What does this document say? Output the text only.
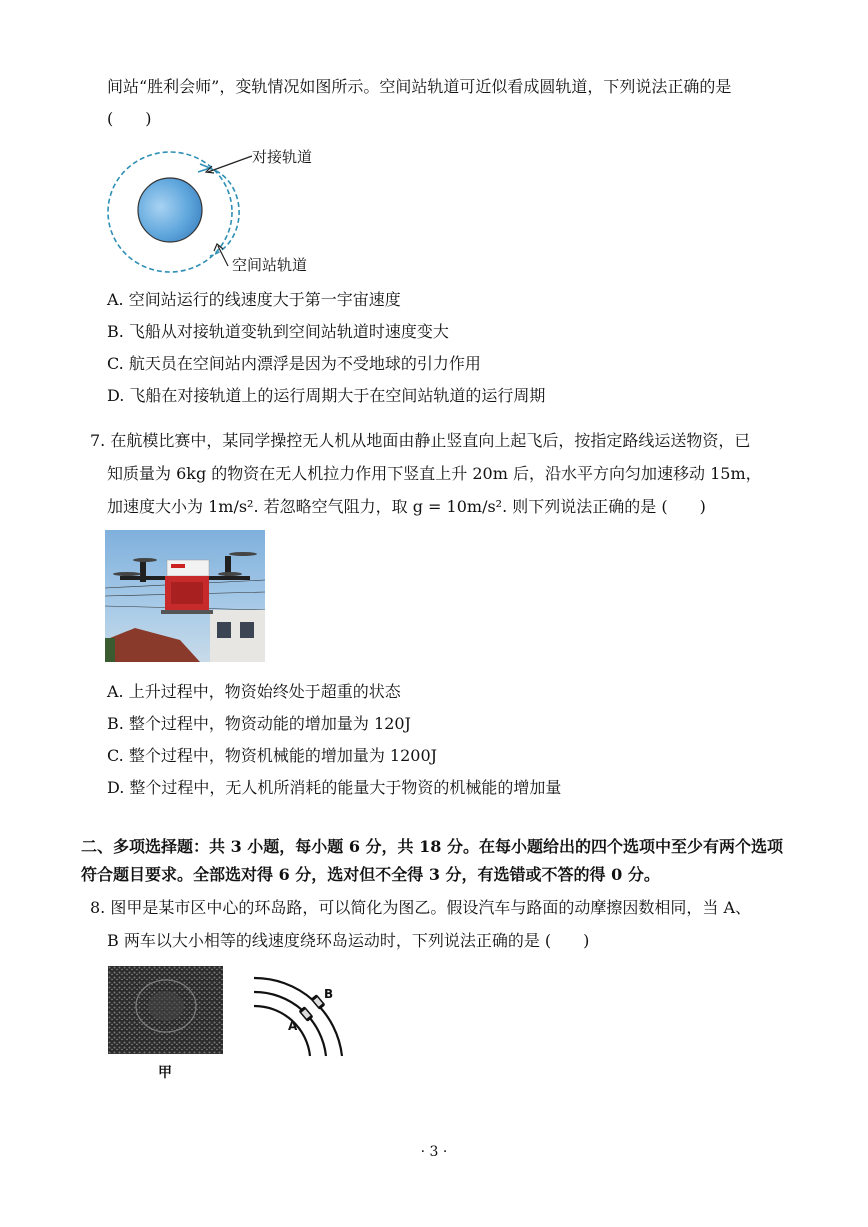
间站“胜利会师”，变轨情况如图所示。空间站轨道可近似看成圆轨道，下列说法正确的是
(　　)
对接轨道
空间站轨道
A. 空间站运行的线速度大于第一宇宙速度
B. 飞船从对接轨道变轨到空间站轨道时速度变大
C. 航天员在空间站内漂浮是因为不受地球的引力作用
D. 飞船在对接轨道上的运行周期大于在空间站轨道的运行周期
7. 在航模比赛中，某同学操控无人机从地面由静止竖直向上起飞后，按指定路线运送物资，已
知质量为 6kg 的物资在无人机拉力作用下竖直上升 20m 后，沿水平方向匀加速移动 15m，
加速度大小为 1m/s². 若忽略空气阻力，取 g = 10m/s². 则下列说法正确的是 (　　)
A. 上升过程中，物资始终处于超重的状态
B. 整个过程中，物资动能的增加量为 120J
C. 整个过程中，物资机械能的增加量为 1200J
D. 整个过程中，无人机所消耗的能量大于物资的机械能的增加量
二、多项选择题：共 3 小题，每小题 6 分，共 18 分。在每小题给出的四个选项中至少有两个选项
符合题目要求。全部选对得 6 分，选对但不全得 3 分，有选错或不答的得 0 分。
8. 图甲是某市区中心的环岛路，可以简化为图乙。假设汽车与路面的动摩擦因数相同，当 A、
B 两车以大小相等的线速度绕环岛运动时，下列说法正确的是 (　　)
甲
B
A
· 3 ·
